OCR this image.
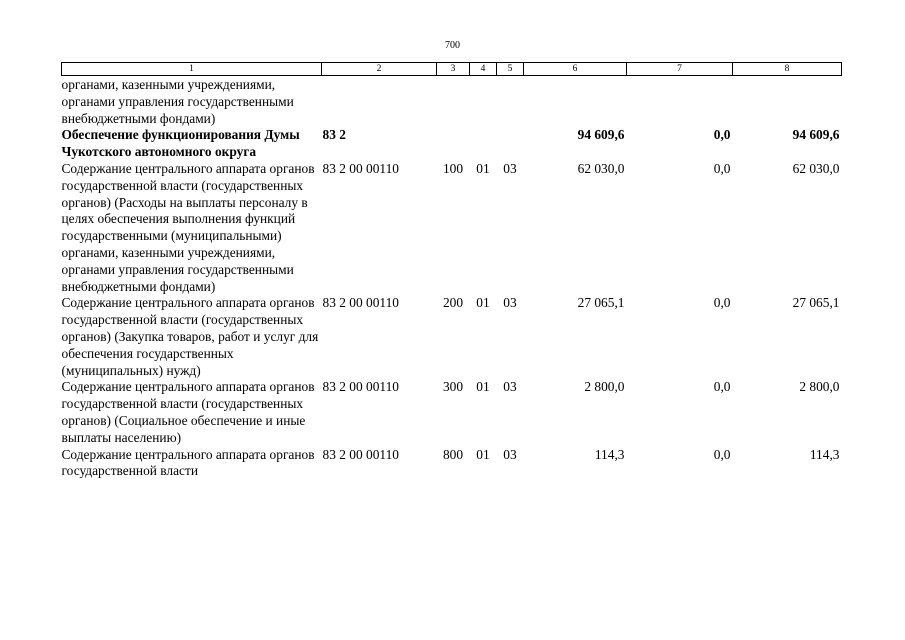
700
1	2	3	4	5	6	7	8
органами, казенными учреждениями, органами управления государственными внебюджетными фондами)							
Обеспечение функционирования Думы Чукотского автономного округа	83 2				94 609,6	0,0	94 609,6
Содержание центрального аппарата органов государственной власти (государственных органов) (Расходы на выплаты персоналу в целях обеспечения выполнения функций государственными (муниципальными) органами, казенными учреждениями, органами управления государственными внебюджетными фондами)	83 2 00 00110	100	01	03	62 030,0	0,0	62 030,0
Содержание центрального аппарата органов государственной власти (государственных органов) (Закупка товаров, работ и услуг для обеспечения государственных (муниципальных) нужд)	83 2 00 00110	200	01	03	27 065,1	0,0	27 065,1
Содержание центрального аппарата органов государственной власти (государственных органов) (Социальное обеспечение и иные выплаты населению)	83 2 00 00110	300	01	03	2 800,0	0,0	2 800,0
Содержание центрального аппарата органов государственной власти	83 2 00 00110	800	01	03	114,3	0,0	114,3
